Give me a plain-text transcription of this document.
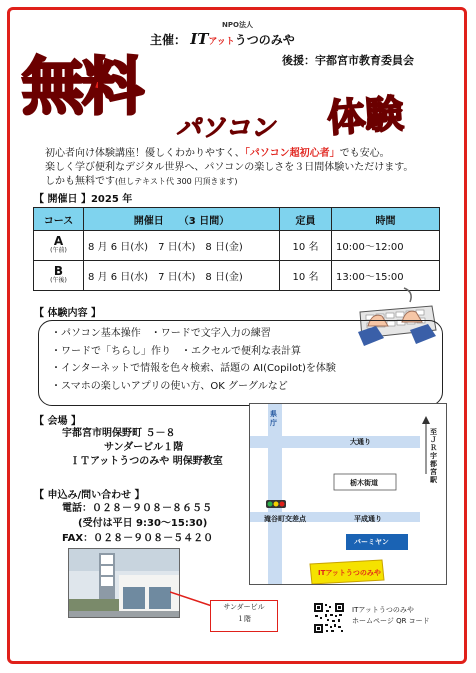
主催：
NPO法人
ITアットうつのみや
後援：宇都宮市教育委員会
無料
パソコン 体験
初心者向け体験講座！優しくわかりやすく、「パソコン超初心者」でも安心。
楽しく学び便利なデジタル世界へ、パソコンの楽しさを３日間体験いただけます。
しかも無料です(但しテキスト代 300 円頂きます)
【 開催日 】2025 年
コース	開催日　　（3 日間）	定員	時間
A
(午前)	8 月 6 日(水)　7 日(木)　8 日(金)	10 名	10:00～12:00
B
(午後)	8 月 6 日(水)　7 日(木)　8 日(金)	10 名	13:00～15:00
【 体験内容 】
・パソコン基本操作　・ワードで文字入力の練習
・ワードで「ちらし」作り　・エクセルで便利な表計算
・インターネットで情報を色々検索、話題の AI(Copilot)を体験
・スマホの楽しいアプリの使い方、OK グーグルなど
【 会場 】
宇都宮市明保野町 ５－８
サンダービル１階
ＩＴアットうつのみや 明保野教室
【 申込み/問い合わせ 】
電話：０２８－９０８－８６５５
(受付は平日 9:30～15:30)
FAX：０２８－９０８－５４２０
県庁
至ＪＲ宇都宮駅
大通り
栃木街道
滝谷町交差点	平成通り
バーミヤン
ITアットうつのみや
サンダービル
１階
ITアットうつのみや
ホームページ QR コード
